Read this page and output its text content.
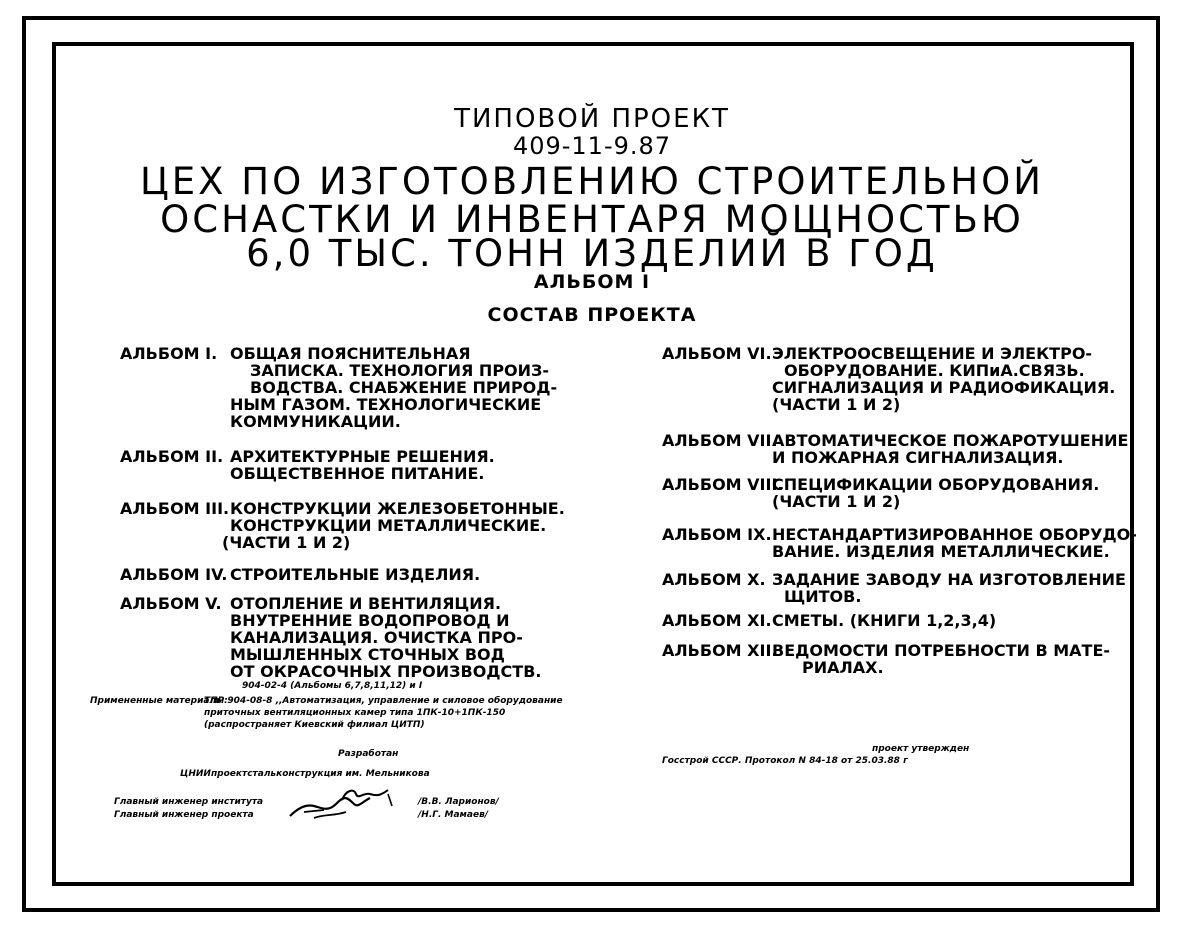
ТИПОВОЙ ПРОЕКТ
409-11-9.87
ЦЕХ ПО ИЗГОТОВЛЕНИЮ СТРОИТЕЛЬНОЙ
ОСНАСТКИ И ИНВЕНТАРЯ МОЩНОСТЬЮ
6,0 ТЫС. ТОНН ИЗДЕЛИЙ В ГОД
АЛЬБОМ I
СОСТАВ ПРОЕКТА
АЛЬБОМ I. ОБЩАЯ ПОЯСНИТЕЛЬНАЯ
ЗАПИСКА. ТЕХНОЛОГИЯ ПРОИЗ-
ВОДСТВА. СНАБЖЕНИЕ ПРИРОД-
НЫМ ГАЗОМ. ТЕХНОЛОГИЧЕСКИЕ
КОММУНИКАЦИИ.
АЛЬБОМ II. АРХИТЕКТУРНЫЕ РЕШЕНИЯ.
ОБЩЕСТВЕННОЕ ПИТАНИЕ.
АЛЬБОМ III. КОНСТРУКЦИИ ЖЕЛЕЗОБЕТОННЫЕ.
КОНСТРУКЦИИ МЕТАЛЛИЧЕСКИЕ.
(ЧАСТИ 1 И 2)
АЛЬБОМ IV. СТРОИТЕЛЬНЫЕ ИЗДЕЛИЯ.
АЛЬБОМ V. ОТОПЛЕНИЕ И ВЕНТИЛЯЦИЯ.
ВНУТРЕННИЕ ВОДОПРОВОД И
КАНАЛИЗАЦИЯ. ОЧИСТКА ПРО-
МЫШЛЕННЫХ СТОЧНЫХ ВОД
ОТ ОКРАСОЧНЫХ ПРОИЗВОДСТВ.
АЛЬБОМ VI. ЭЛЕКТРООСВЕЩЕНИЕ И ЭЛЕКТРО-
ОБОРУДОВАНИЕ. КИПиА.СВЯЗЬ.
СИГНАЛИЗАЦИЯ И РАДИОФИКАЦИЯ.
(ЧАСТИ 1 И 2)
АЛЬБОМ VII.
АВТОМАТИЧЕСКОЕ ПОЖАРОТУШЕНИЕ
И ПОЖАРНАЯ СИГНАЛИЗАЦИЯ.
АЛЬБОМ VIII.
СПЕЦИФИКАЦИИ ОБОРУДОВАНИЯ.
(ЧАСТИ 1 И 2)
АЛЬБОМ IX. НЕСТАНДАРТИЗИРОВАННОЕ ОБОРУДО-
ВАНИЕ. ИЗДЕЛИЯ МЕТАЛЛИЧЕСКИЕ.
АЛЬБОМ X. ЗАДАНИЕ ЗАВОДУ НА ИЗГОТОВЛЕНИЕ
ЩИТОВ.
АЛЬБОМ XI. СМЕТЫ. (КНИГИ 1,2,3,4)
АЛЬБОМ XII.
ВЕДОМОСТИ ПОТРЕБНОСТИ В МАТЕ-
РИАЛАХ.
904-02-4 (Альбомы 6,7,8,11,12) и I
Примененные материалы:
ТПР 904-08-8 ,,Автоматизация, управление и силовое оборудование
приточных вентиляционных камер типа 1ПК-10+1ПК-150
(распространяет Киевский филиал ЦИТП)
Разработан
ЦНИИпроектстальконструкция им. Мельникова
Главный инженер института
Главный инженер проекта
/В.В. Ларионов/
/Н.Г. Мамаев/
проект утвержден
Госстрой СССР. Протокол N 84-18 от 25.03.88 г
